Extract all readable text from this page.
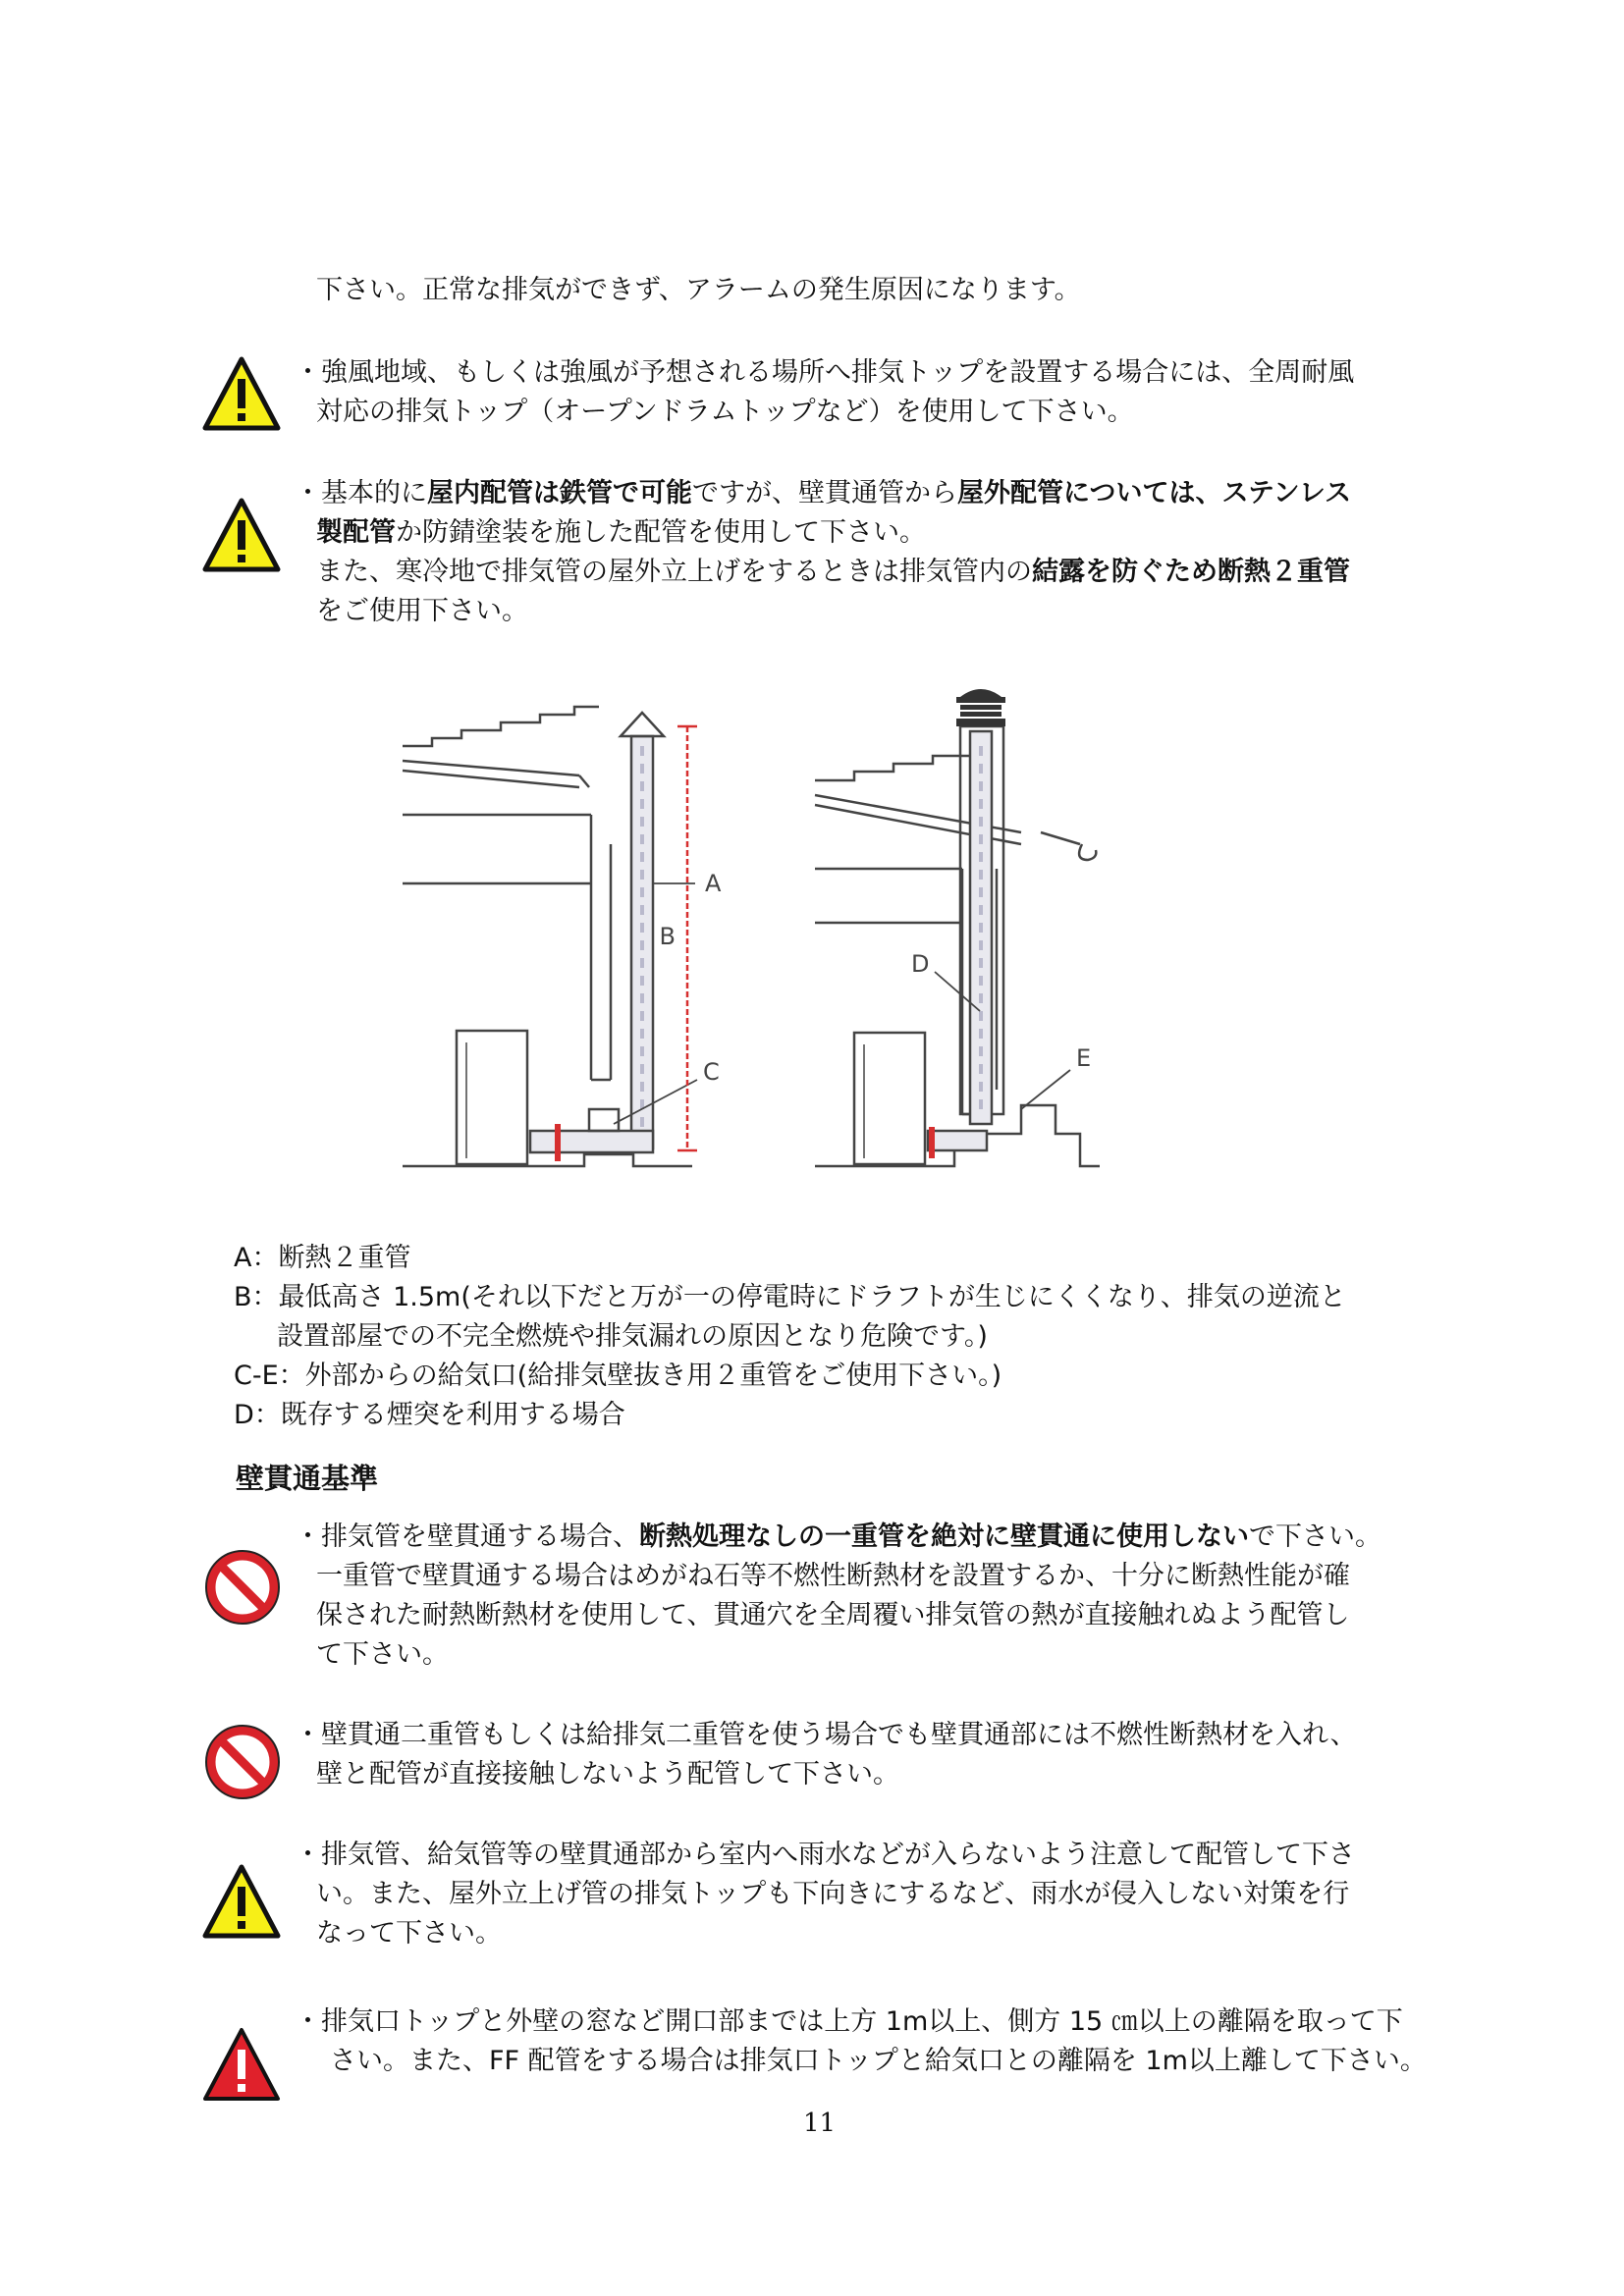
下さい。正常な排気ができず、アラームの発生原因になります。
・強風地域、もしくは強風が予想される場所へ排気トップを設置する場合には、全周耐風
対応の排気トップ（オープンドラムトップなど）を使用して下さい。
・基本的に屋内配管は鉄管で可能ですが、壁貫通管から屋外配管については、ステンレス
製配管か防錆塗装を施した配管を使用して下さい。
また、寒冷地で排気管の屋外立上げをするときは排気管内の結露を防ぐため断熱２重管
をご使用下さい。
A
B
C
D
E
A：断熱２重管
B：最低高さ 1.5m(それ以下だと万が一の停電時にドラフトが生じにくくなり、排気の逆流と
設置部屋での不完全燃焼や排気漏れの原因となり危険です。)
C-E：外部からの給気口(給排気壁抜き用２重管をご使用下さい。)
D：既存する煙突を利用する場合
壁貫通基準
・排気管を壁貫通する場合、断熱処理なしの一重管を絶対に壁貫通に使用しないで下さい。
一重管で壁貫通する場合はめがね石等不燃性断熱材を設置するか、十分に断熱性能が確
保された耐熱断熱材を使用して、貫通穴を全周覆い排気管の熱が直接触れぬよう配管し
て下さい。
・壁貫通二重管もしくは給排気二重管を使う場合でも壁貫通部には不燃性断熱材を入れ、
壁と配管が直接接触しないよう配管して下さい。
・排気管、給気管等の壁貫通部から室内へ雨水などが入らないよう注意して配管して下さ
い。また、屋外立上げ管の排気トップも下向きにするなど、雨水が侵入しない対策を行
なって下さい。
・排気口トップと外壁の窓など開口部までは上方 1m以上、側方 15 ㎝以上の離隔を取って下
さい。また、FF 配管をする場合は排気口トップと給気口との離隔を 1m以上離して下さい。
11
